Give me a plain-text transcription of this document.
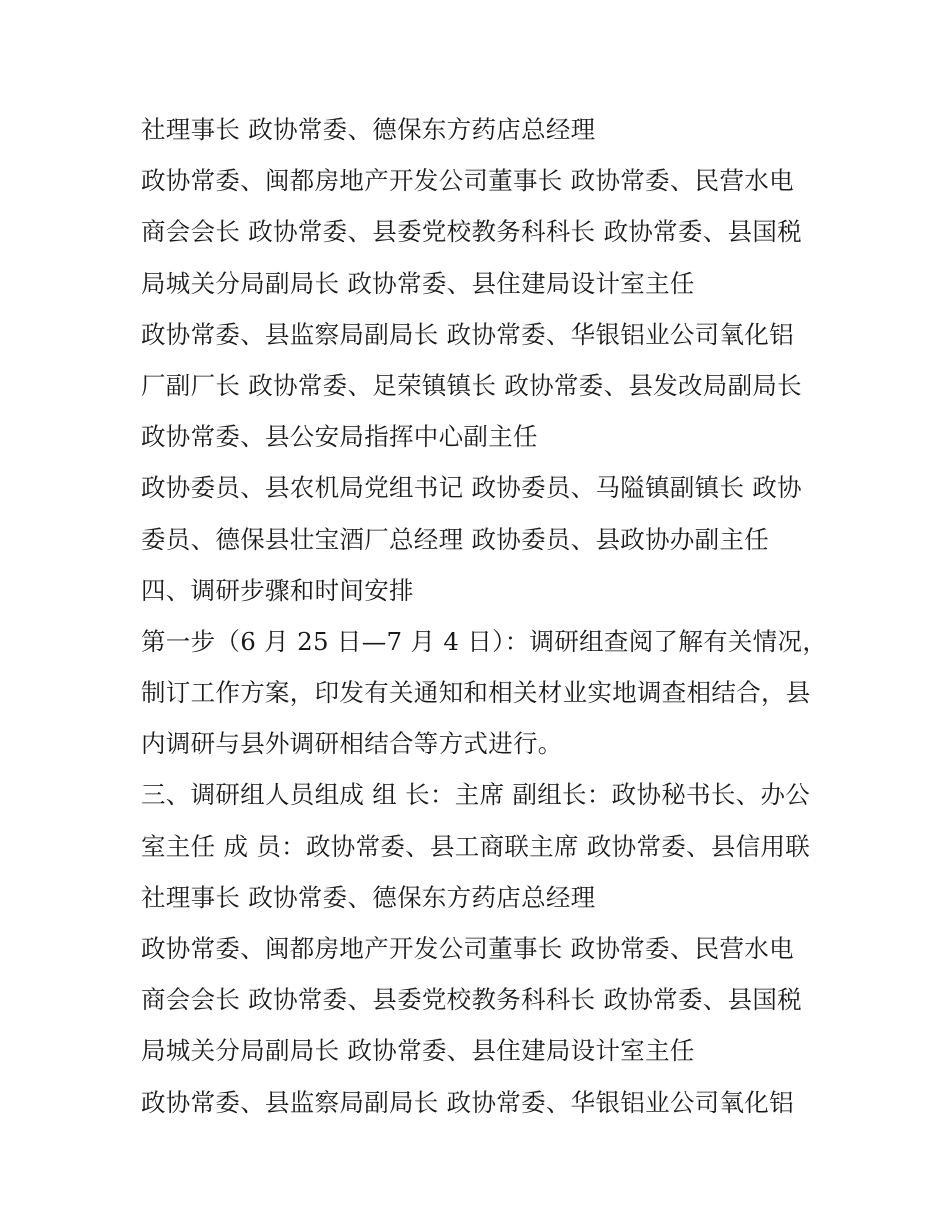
社理事长 政协常委、德保东方药店总经理
政协常委、闽都房地产开发公司董事长 政协常委、民营水电
商会会长 政协常委、县委党校教务科科长 政协常委、县国税
局城关分局副局长 政协常委、县住建局设计室主任
政协常委、县监察局副局长 政协常委、华银铝业公司氧化铝
厂副厂长 政协常委、足荣镇镇长 政协常委、县发改局副局长
政协常委、县公安局指挥中心副主任
政协委员、县农机局党组书记 政协委员、马隘镇副镇长 政协
委员、德保县壮宝酒厂总经理 政协委员、县政协办副主任
四、调研步骤和时间安排
第一步（6 月 25 日—7 月 4 日）：调研组查阅了解有关情况，
制订工作方案，印发有关通知和相关材业实地调查相结合，县
内调研与县外调研相结合等方式进行。
三、调研组人员组成 组 长：主席 副组长：政协秘书长、办公
室主任 成 员：政协常委、县工商联主席 政协常委、县信用联
社理事长 政协常委、德保东方药店总经理
政协常委、闽都房地产开发公司董事长 政协常委、民营水电
商会会长 政协常委、县委党校教务科科长 政协常委、县国税
局城关分局副局长 政协常委、县住建局设计室主任
政协常委、县监察局副局长 政协常委、华银铝业公司氧化铝
